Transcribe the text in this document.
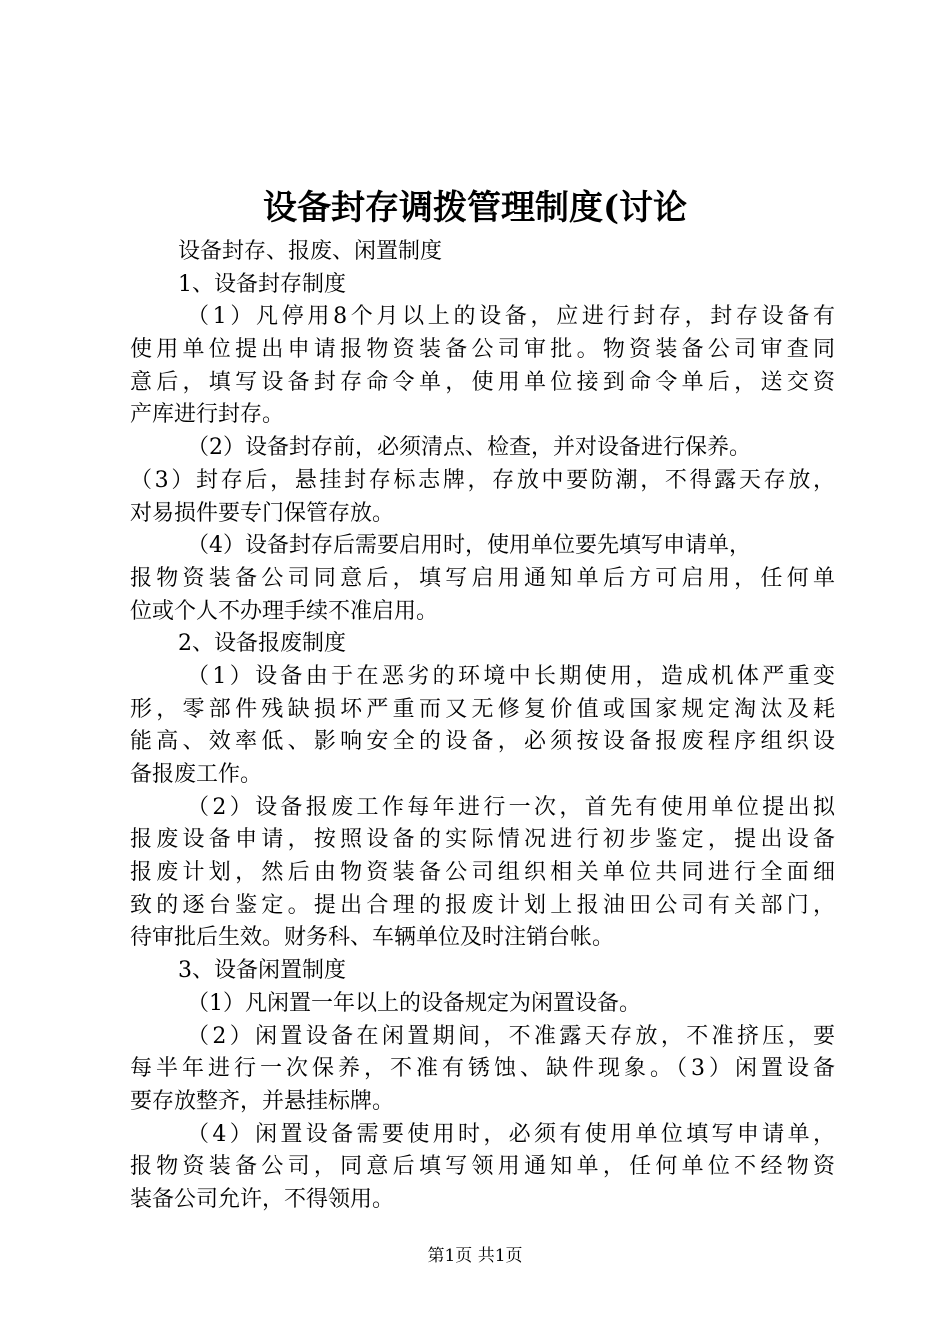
设备封存调拨管理制度(讨论
设备封存、报废、闲置制度
1、设备封存制度
（1）凡停用8个月以上的设备，应进行封存，封存设备有
使用单位提出申请报物资装备公司审批。物资装备公司审查同
意后，填写设备封存命令单，使用单位接到命令单后，送交资
产库进行封存。
（2）设备封存前，必须清点、检查，并对设备进行保养。
（3）封存后，悬挂封存标志牌，存放中要防潮，不得露天存放，
对易损件要专门保管存放。
（4）设备封存后需要启用时，使用单位要先填写申请单，
报物资装备公司同意后，填写启用通知单后方可启用，任何单
位或个人不办理手续不准启用。
2、设备报废制度
（1）设备由于在恶劣的环境中长期使用，造成机体严重变
形，零部件残缺损坏严重而又无修复价值或国家规定淘汰及耗
能高、效率低、影响安全的设备，必须按设备报废程序组织设
备报废工作。
（2）设备报废工作每年进行一次，首先有使用单位提出拟
报废设备申请，按照设备的实际情况进行初步鉴定，提出设备
报废计划，然后由物资装备公司组织相关单位共同进行全面细
致的逐台鉴定。提出合理的报废计划上报油田公司有关部门，
待审批后生效。财务科、车辆单位及时注销台帐。
3、设备闲置制度
（1）凡闲置一年以上的设备规定为闲置设备。
（2）闲置设备在闲置期间，不准露天存放，不准挤压，要
每半年进行一次保养，不准有锈蚀、缺件现象。（3）闲置设备
要存放整齐，并悬挂标牌。
（4）闲置设备需要使用时，必须有使用单位填写申请单，
报物资装备公司，同意后填写领用通知单，任何单位不经物资
装备公司允许，不得领用。
第1页 共1页
